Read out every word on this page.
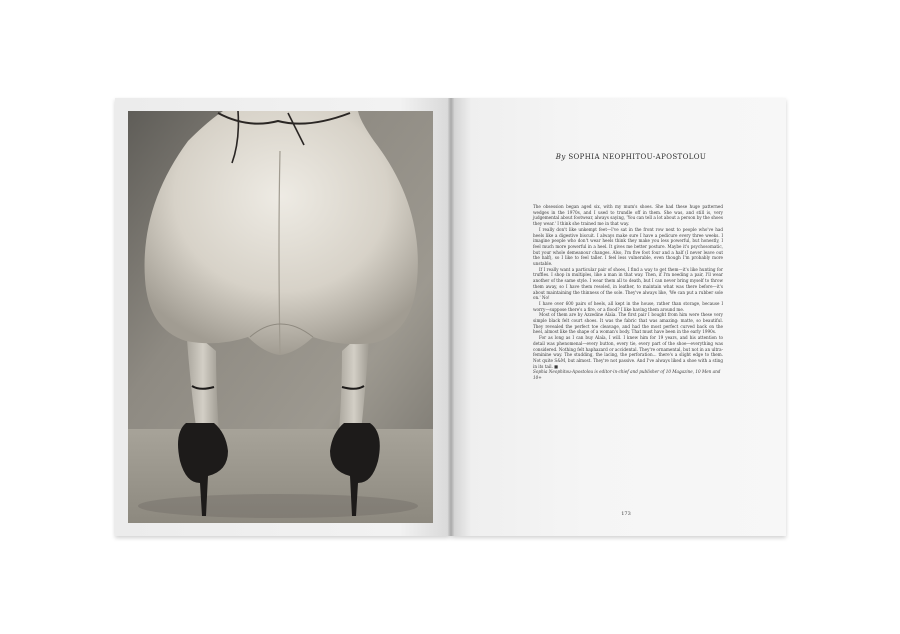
By SOPHIA NEOPHITOU-APOSTOLOU

The obsession began aged six, with my mum's shoes. She had these huge patterned wedges in the 1970s, and I used to trundle off in them. She was, and still is, very judgemental about footwear, always saying, 'You can tell a lot about a person by the shoes they wear.' I think she trained me in that way.

I really don't like unkempt feet—I've sat in the front row next to people who've had heels like a digestive biscuit. I always make sure I have a pedicure every three weeks. I imagine people who don't wear heels think they make you less powerful, but honestly, I feel much more powerful in a heel. It gives me better posture. Maybe it's psychosomatic, but your whole demeanour changes. Also, I'm five foot four and a half (I never leave out the half), so I like to feel taller. I feel less vulnerable, even though I'm probably more unstable.

If I really want a particular pair of shoes, I find a way to get them—it's like hunting for truffles. I shop in multiples, like a man in that way. Then, if I'm needing a pair, I'll wear another of the same style. I wear them all to death, but I can never bring myself to throw them away, so I have them resoled, in leather, to maintain what was there before—it's about maintaining the thinness of the sole. They've always like, 'We can put a rubber sole on.' No!

I have over 600 pairs of heels, all kept in the house, rather than storage, because I worry—suppose there's a fire, or a flood? I like having them around me.

Most of them are by Azzedine Alaïa. The first pair I bought from him were these very simple black felt court shoes. It was the fabric that was amazing: matte, so beautiful. They revealed the perfect toe cleavage, and had the most perfect curved back on the heel, almost like the shape of a woman's body. That must have been in the early 1990s.

For as long as I can buy Alaïa, I will. I knew him for 19 years, and his attention to detail was phenomenal—every button, every tie, every part of the shoe—everything was considered. Nothing felt haphazard or accidental. They're ornamental, but not in an ultra-feminine way. The studding, the lacing, the perforation... there's a slight edge to them. Not quite S&M, but almost. They're not passive. And I've always liked a shoe with a sting in its tail. ■

Sophia Neophitou-Apostolou is editor-in-chief and publisher of 10 Magazine, 10 Men and 10+

173
